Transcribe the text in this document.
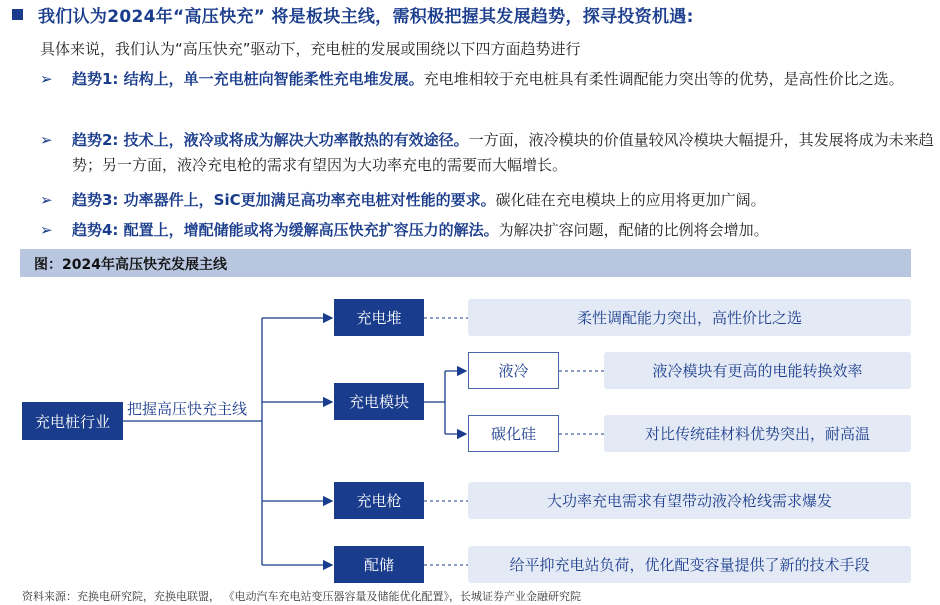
我们认为2024年“高压快充” 将是板块主线，需积极把握其发展趋势，探寻投资机遇:
具体来说，我们认为“高压快充”驱动下，充电桩的发展或围绕以下四方面趋势进行
➢ 趋势1: 结构上，单一充电桩向智能柔性充电堆发展。充电堆相较于充电桩具有柔性调配能力突出等的优势，是高性价比之选。
➢ 趋势2: 技术上，液冷或将成为解决大功率散热的有效途径。一方面，液冷模块的价值量较风冷模块大幅提升，其发展将成为未来趋势；另一方面，液冷充电枪的需求有望因为大功率充电的需要而大幅增长。
➢ 趋势3: 功率器件上，SiC更加满足高功率充电桩对性能的要求。碳化硅在充电模块上的应用将更加广阔。
➢ 趋势4: 配置上，增配储能或将为缓解高压快充扩容压力的解法。为解决扩容问题，配储的比例将会增加。
图：2024年高压快充发展主线
充电桩行业
把握高压快充主线
充电堆
充电模块
充电枪
配储
液冷
碳化硅
柔性调配能力突出，高性价比之选
液冷模块有更高的电能转换效率
对比传统硅材料优势突出，耐高温
大功率充电需求有望带动液冷枪线需求爆发
给平抑充电站负荷，优化配变容量提供了新的技术手段
资料来源：充换电研究院，充换电联盟， 《电动汽车充电站变压器容量及储能优化配置》，长城证券产业金融研究院
